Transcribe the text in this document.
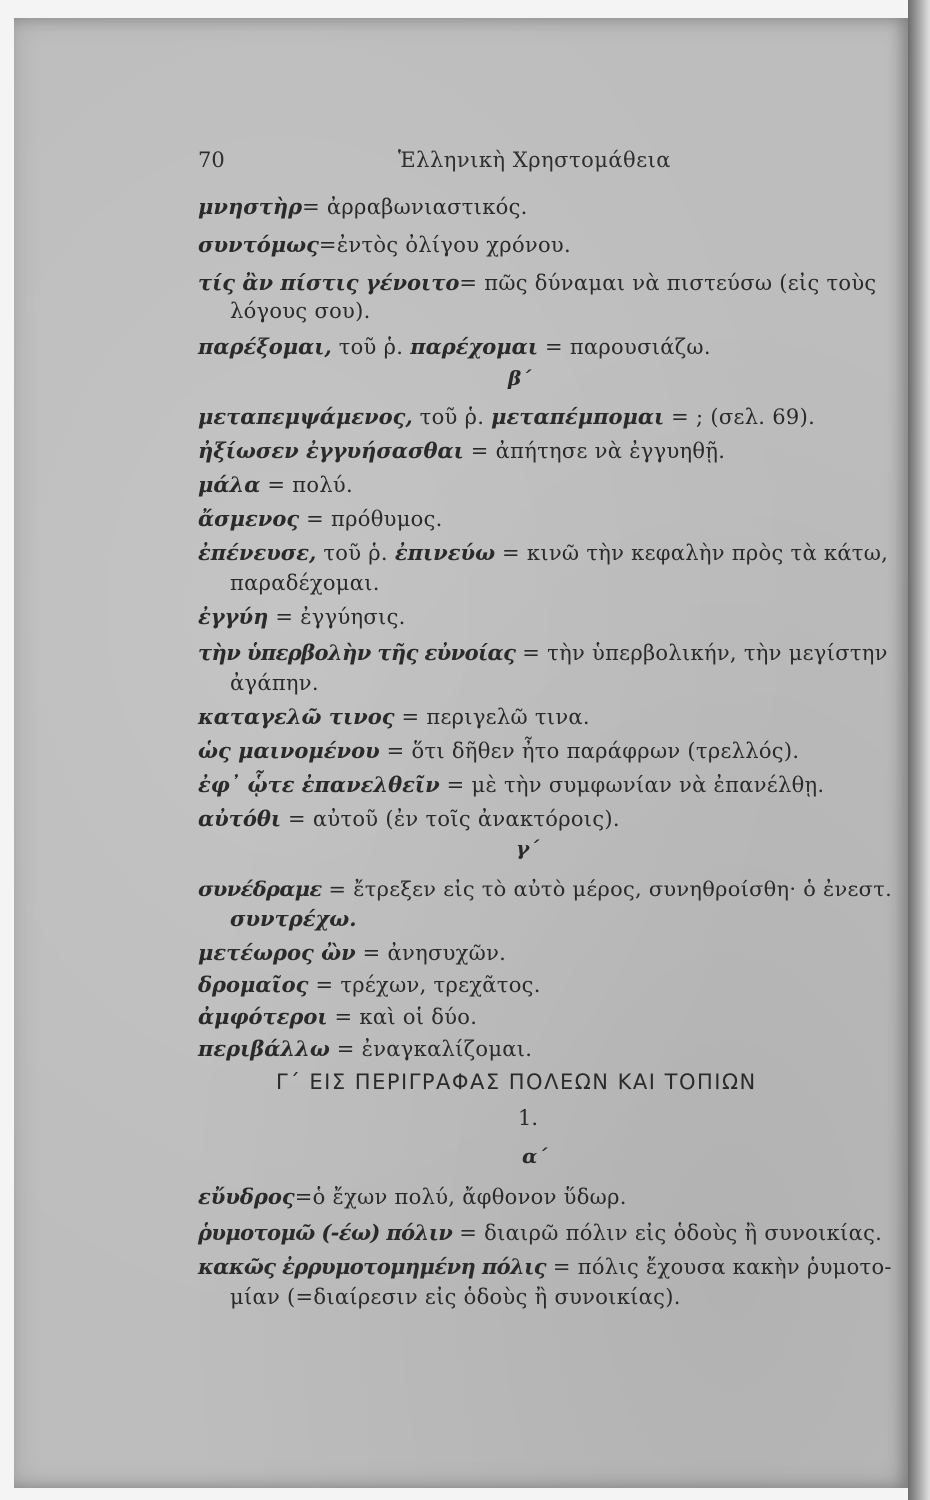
70	Ἑλληνικὴ Χρηστομάθεια
μνηστὴρ= ἀρραβωνιαστικός.
συντόμως=ἐντὸς ὀλίγου χρόνου.
τίς ἂν πίστις γένοιτο= πῶς δύναμαι νὰ πιστεύσω (εἰς τοὺς
λόγους σου).
παρέξομαι, τοῦ ῥ. παρέχομαι = παρουσιάζω.
β΄
μεταπεμψάμενος, τοῦ ῥ. μεταπέμπομαι = ; (σελ. 69).
ἠξίωσεν ἐγγυήσασθαι = ἀπήτησε νὰ ἐγγυηθῇ.
μάλα = πολύ.
ἄσμενος = πρόθυμος.
ἐπένευσε, τοῦ ῥ. ἐπινεύω = κινῶ τὴν κεφαλὴν πρὸς τὰ κάτω,
παραδέχομαι.
ἐγγύη = ἐγγύησις.
τὴν ὑπερβολὴν τῆς εὐνοίας = τὴν ὑπερβολικήν, τὴν μεγίστην
ἀγάπην.
καταγελῶ τινος = περιγελῶ τινα.
ὡς μαινομένου = ὅτι δῆθεν ἦτο παράφρων (τρελλός).
ἐφ᾿ ᾧτε ἐπανελθεῖν = μὲ τὴν συμφωνίαν νὰ ἐπανέλθῃ.
αὐτόθι = αὐτοῦ (ἐν τοῖς ἀνακτόροις).
γ΄
συνέδραμε = ἔτρεξεν εἰς τὸ αὐτὸ μέρος, συνηθροίσθη· ὁ ἐνεστ.
συντρέχω.
μετέωρος ὢν = ἀνησυχῶν.
δρομαῖος = τρέχων, τρεχᾶτος.
ἀμφότεροι = καὶ οἱ δύο.
περιβάλλω = ἐναγκαλίζομαι.
Γ΄ ΕΙΣ ΠΕΡΙΓΡΑΦΑΣ ΠΟΛΕΩΝ ΚΑΙ ΤΟΠΙΩΝ
1.
α΄
εὔυδρος=ὁ ἔχων πολύ, ἄφθονον ὕδωρ.
ῥυμοτομῶ (-έω) πόλιν = διαιρῶ πόλιν εἰς ὁδοὺς ἢ συνοικίας.
κακῶς ἐρρυμοτομημένη πόλις = πόλις ἔχουσα κακὴν ῥυμοτο-
μίαν (=διαίρεσιν εἰς ὁδοὺς ἢ συνοικίας).
